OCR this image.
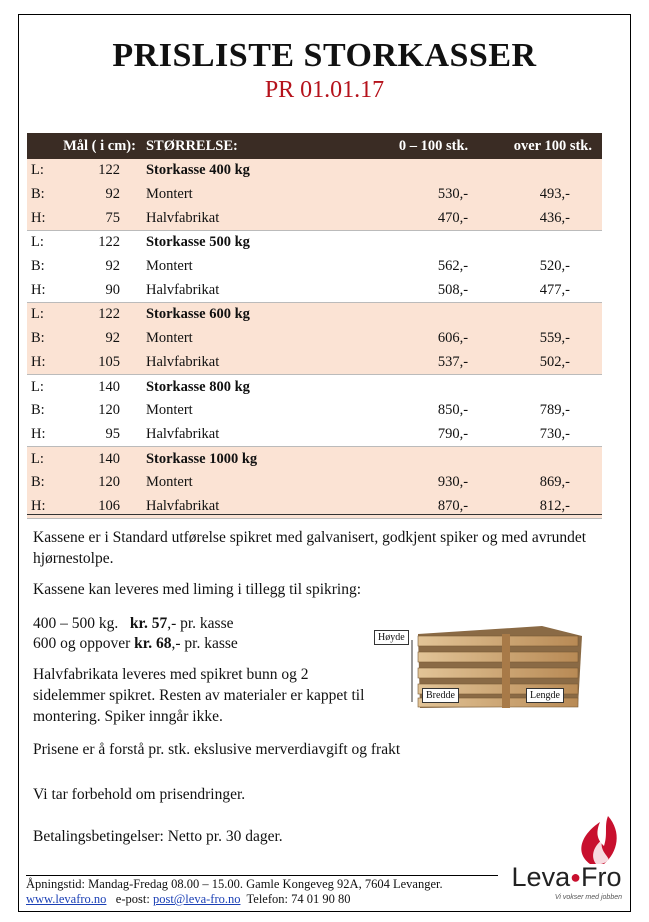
PRISLISTE STORKASSER
PR 01.01.17
Mål ( i cm):		STØRRELSE:	0 – 100 stk.	over 100 stk.
L:	122	Storkasse 400 kg		
B:	92	Montert	530,-	493,-
H:	75	Halvfabrikat	470,-	436,-
L:	122	Storkasse 500 kg		
B:	92	Montert	562,-	520,-
H:	90	Halvfabrikat	508,-	477,-
L:	122	Storkasse 600 kg		
B:	92	Montert	606,-	559,-
H:	105	Halvfabrikat	537,-	502,-
L:	140	Storkasse 800 kg		
B:	120	Montert	850,-	789,-
H:	95	Halvfabrikat	790,-	730,-
L:	140	Storkasse 1000 kg		
B:	120	Montert	930,-	869,-
H:	106	Halvfabrikat	870,-	812,-

Kassene er i Standard utførelse spikret med galvanisert, godkjent spiker og med avrundet hjørnestolpe.

Kassene kan leveres med liming i tillegg til spikring:

400 – 500 kg.   kr. 57,- pr. kasse

600 og oppover kr. 68,- pr. kasse

Halvfabrikata leveres med spikret bunn og 2 sidelemmer spikret. Resten av materialer er kappet til montering. Spiker inngår ikke.

Prisene er å forstå pr. stk. ekslusive merverdiavgift og frakt

Vi tar forbehold om prisendringer.

Betalingsbetingelser: Netto pr. 30 dager.

Høyde
Bredde	Lengde

Åpningstid: Mandag-Fredag 08.00 – 15.00. Gamle Kongeveg 92A, 7604 Levanger.

www.levafro.no e-post: post@leva-fro.no Telefon: 74 01 90 80

Leva●Fro
Vi vokser med jobben
